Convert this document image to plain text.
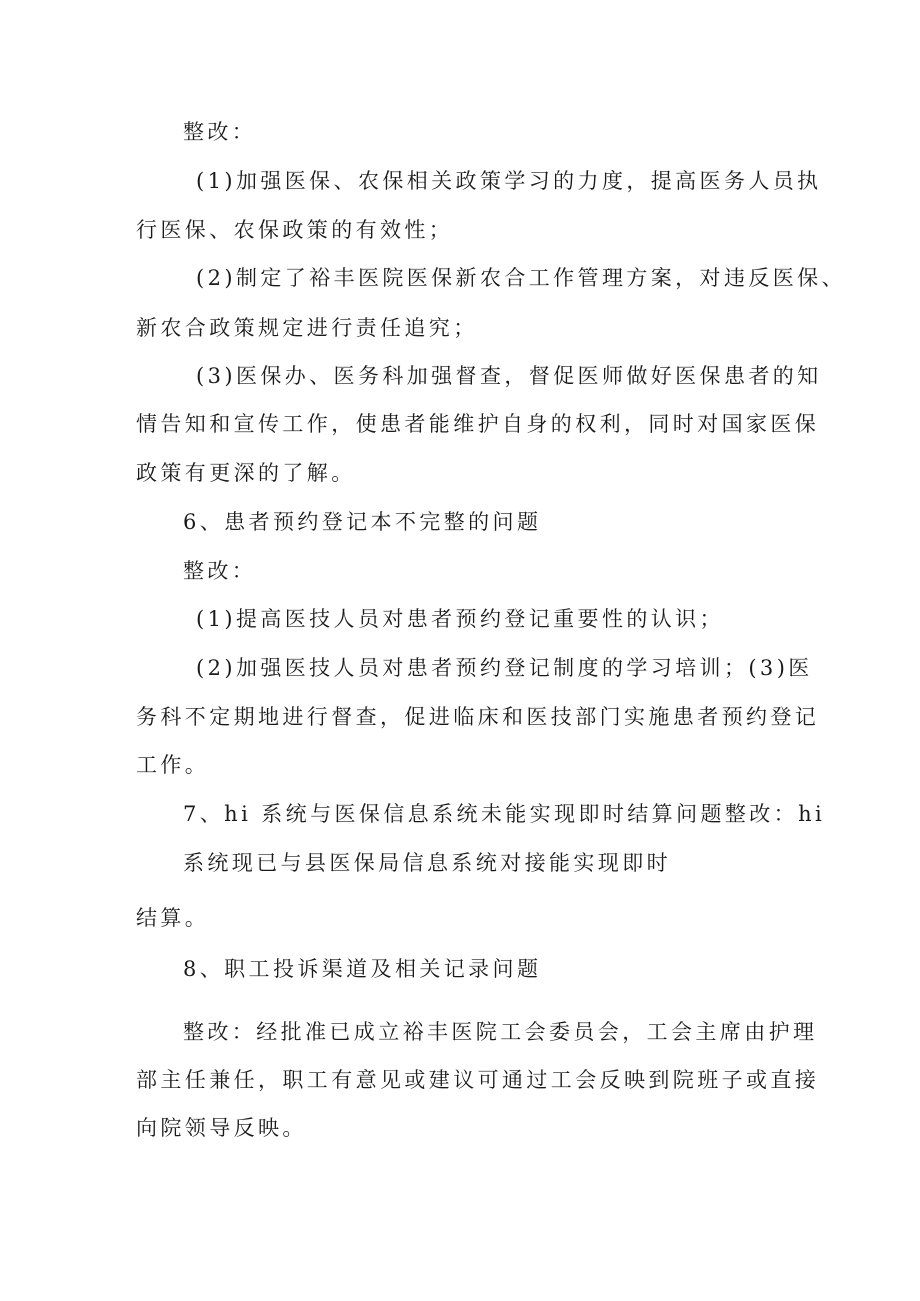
整改：
(1)加强医保、农保相关政策学习的力度，提高医务人员执
行医保、农保政策的有效性；
(2)制定了裕丰医院医保新农合工作管理方案，对违反医保、
新农合政策规定进行责任追究；
(3)医保办、医务科加强督查，督促医师做好医保患者的知
情告知和宣传工作，使患者能维护自身的权利，同时对国家医保
政策有更深的了解。
6、患者预约登记本不完整的问题
整改：
(1)提高医技人员对患者预约登记重要性的认识；
(2)加强医技人员对患者预约登记制度的学习培训；(3)医
务科不定期地进行督查，促进临床和医技部门实施患者预约登记
工作。
7、hi 系统与医保信息系统未能实现即时结算问题整改：hi
系统现已与县医保局信息系统对接能实现即时
结算。
8、职工投诉渠道及相关记录问题
整改：经批准已成立裕丰医院工会委员会，工会主席由护理
部主任兼任，职工有意见或建议可通过工会反映到院班子或直接
向院领导反映。
